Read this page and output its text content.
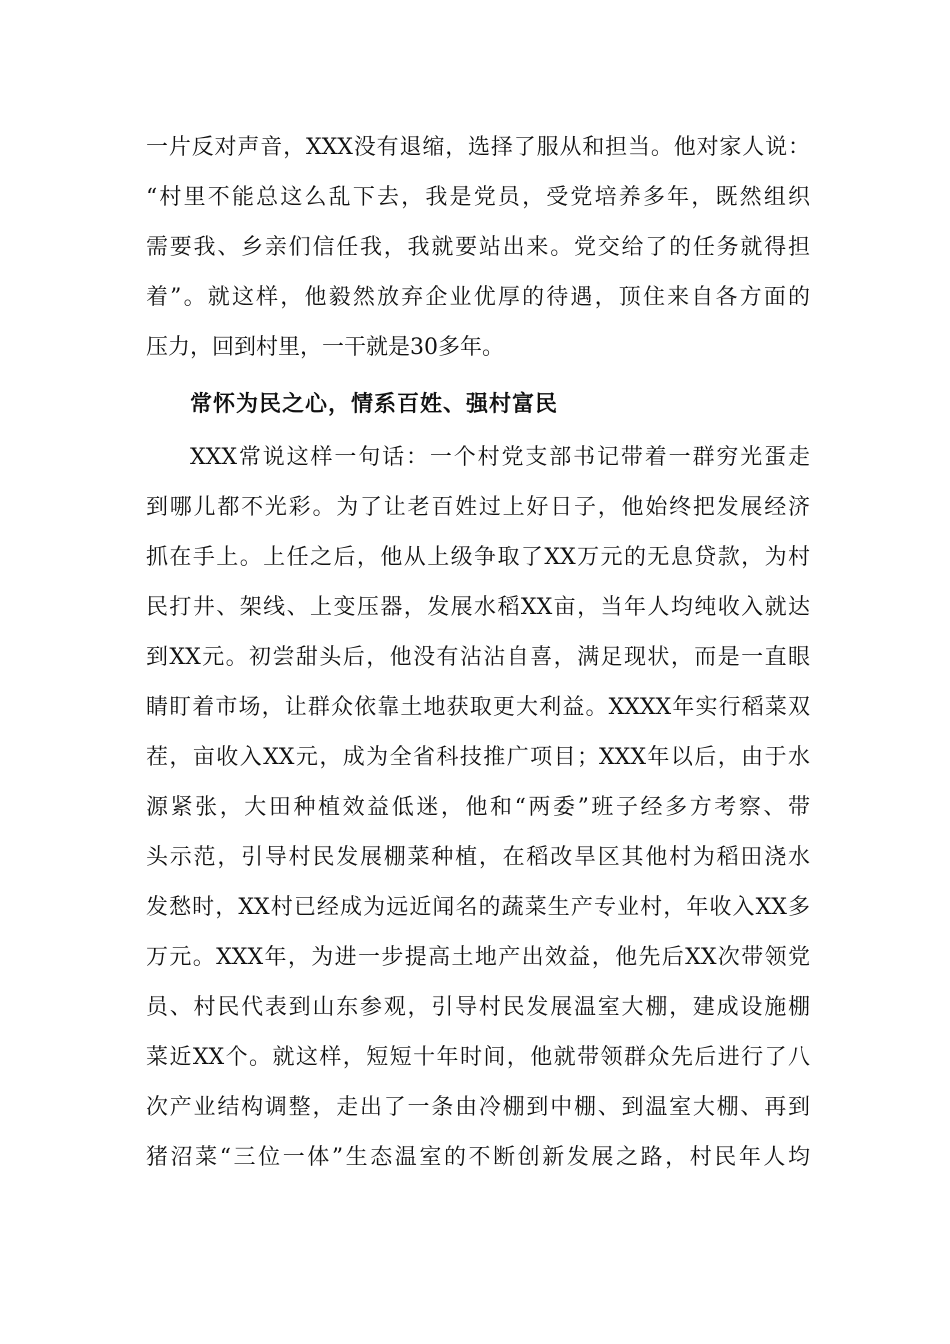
一片反对声音，XXX没有退缩，选择了服从和担当。他对家人说：
“村里不能总这么乱下去，我是党员，受党培养多年，既然组织
需要我、乡亲们信任我，我就要站出来。党交给了的任务就得担
着”。就这样，他毅然放弃企业优厚的待遇，顶住来自各方面的
压力，回到村里，一干就是30多年。
常怀为民之心，情系百姓、强村富民
XXX常说这样一句话：一个村党支部书记带着一群穷光蛋走
到哪儿都不光彩。为了让老百姓过上好日子，他始终把发展经济
抓在手上。上任之后，他从上级争取了XX万元的无息贷款，为村
民打井、架线、上变压器，发展水稻XX亩，当年人均纯收入就达
到XX元。初尝甜头后，他没有沾沾自喜，满足现状，而是一直眼
睛盯着市场，让群众依靠土地获取更大利益。XXXX年实行稻菜双
茬，亩收入XX元，成为全省科技推广项目；XXX年以后，由于水
源紧张，大田种植效益低迷，他和“两委”班子经多方考察、带
头示范，引导村民发展棚菜种植，在稻改旱区其他村为稻田浇水
发愁时，XX村已经成为远近闻名的蔬菜生产专业村，年收入XX多
万元。XXX年，为进一步提高土地产出效益，他先后XX次带领党
员、村民代表到山东参观，引导村民发展温室大棚，建成设施棚
菜近XX个。就这样，短短十年时间，他就带领群众先后进行了八
次产业结构调整，走出了一条由冷棚到中棚、到温室大棚、再到
猪沼菜“三位一体”生态温室的不断创新发展之路，村民年人均
